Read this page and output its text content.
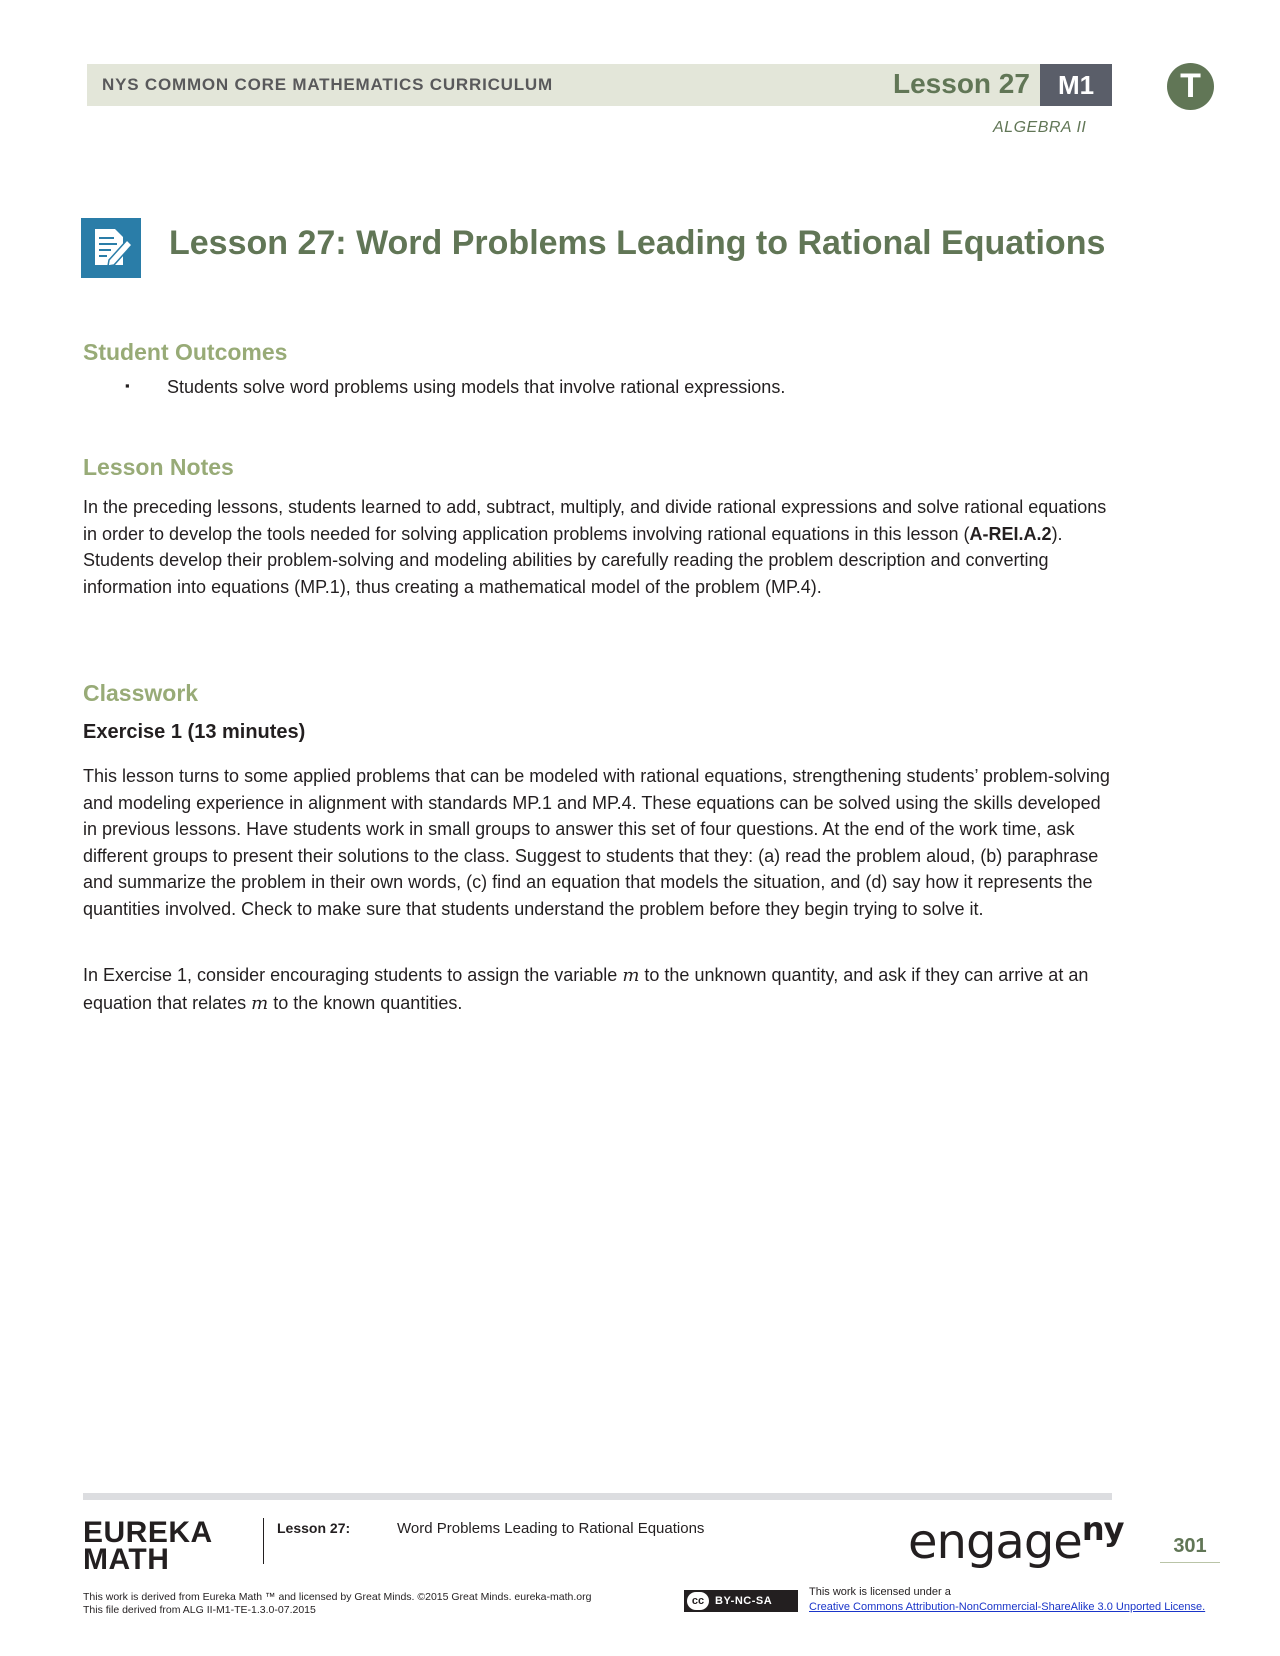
NYS COMMON CORE MATHEMATICS CURRICULUM	Lesson 27	M1	T
ALGEBRA II
Lesson 27: Word Problems Leading to Rational Equations
Student Outcomes
▪ Students solve word problems using models that involve rational expressions.
Lesson Notes

In the preceding lessons, students learned to add, subtract, multiply, and divide rational expressions and solve rational equations in order to develop the tools needed for solving application problems involving rational equations in this lesson (A-REI.A.2). Students develop their problem-solving and modeling abilities by carefully reading the problem description and converting information into equations (MP.1), thus creating a mathematical model of the problem (MP.4).

Classwork
Exercise 1 (13 minutes)
This lesson turns to some applied problems that can be modeled with rational equations, strengthening students’ problem-solving and modeling experience in alignment with standards MP.1 and MP.4. These equations can be solved using the skills developed in previous lessons. Have students work in small groups to answer this set of four questions. At the end of the work time, ask different groups to present their solutions to the class. Suggest to students that they: (a) read the problem aloud, (b) paraphrase and summarize the problem in their own words, (c) find an equation that models the situation, and (d) say how it represents the quantities involved. Check to make sure that students understand the problem before they begin trying to solve it.

In Exercise 1, consider encouraging students to assign the variable m to the unknown quantity, and ask if they can arrive at an equation that relates m to the known quantities.

EUREKA
MATH
Lesson 27:	Word Problems Leading to Rational Equations	engage$^{ny}$	301
This work is derived from Eureka Math ™ and licensed by Great Minds. ©2015 Great Minds. eureka-math.org
This file derived from ALG II-M1-TE-1.3.0-07.2015
cc BY-NC-SA
This work is licensed under a
Creative Commons Attribution-NonCommercial-ShareAlike 3.0 Unported License.
